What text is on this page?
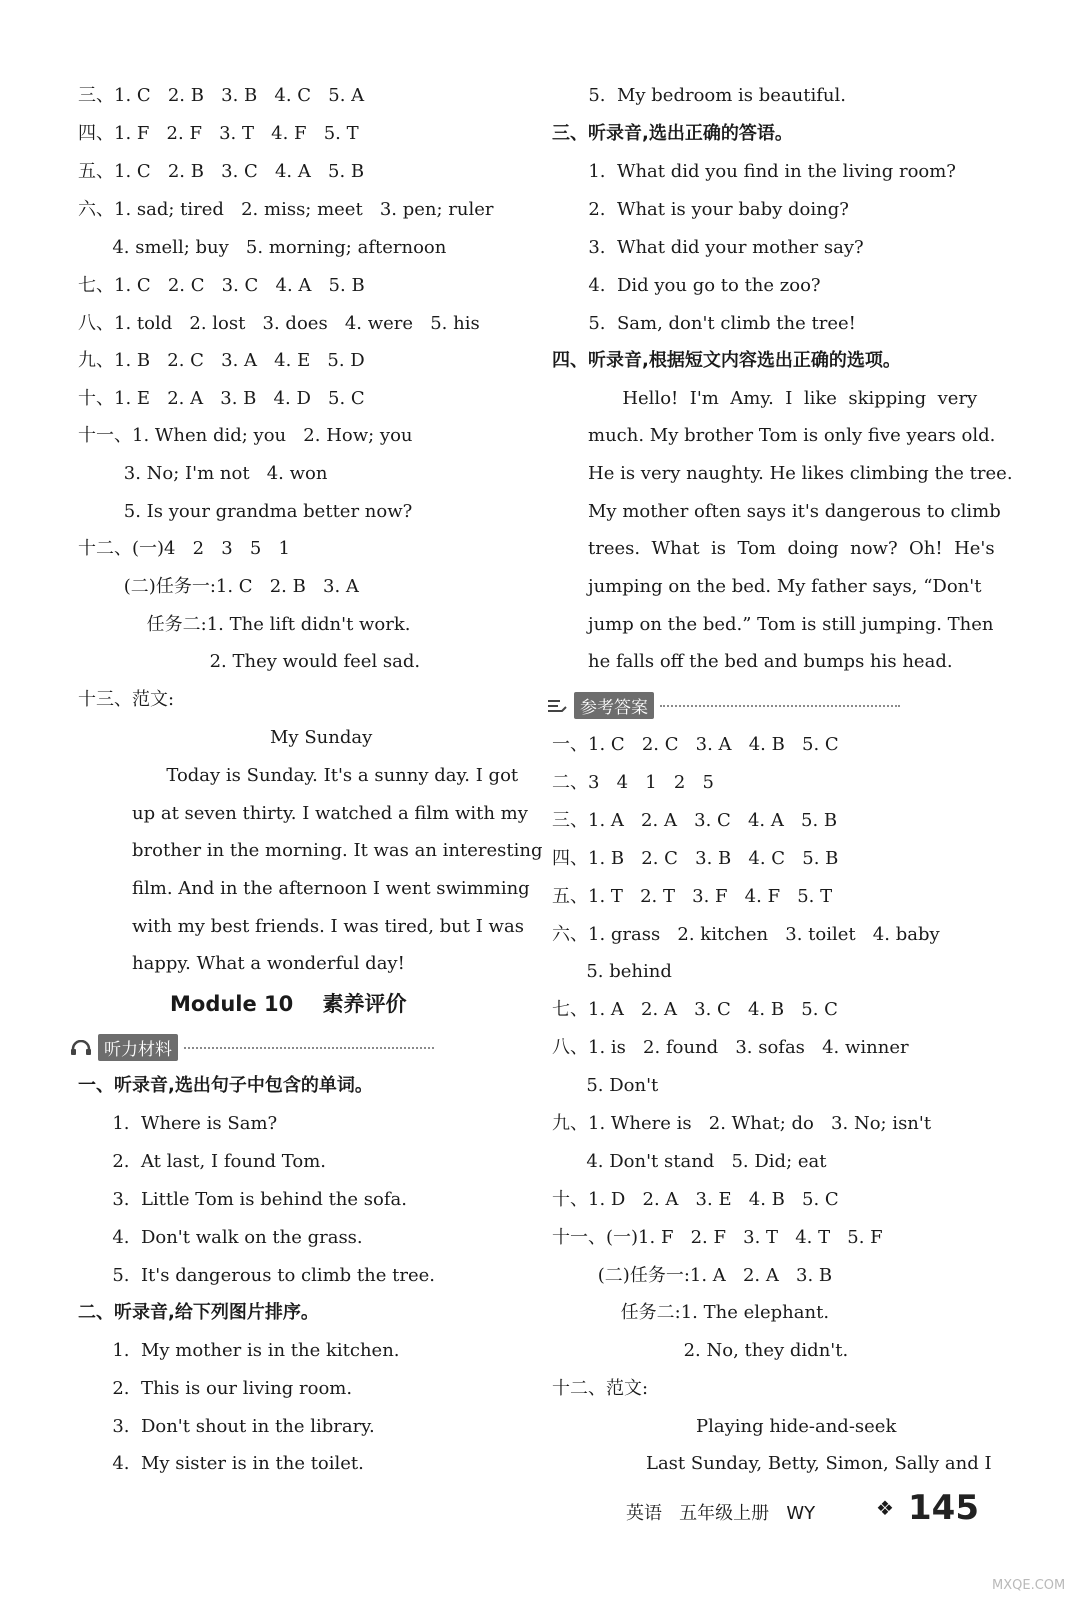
三、1. C   2. B   3. B   4. C   5. A
四、1. F   2. F   3. T   4. F   5. T
五、1. C   2. B   3. C   4. A   5. B
六、1. sad; tired   2. miss; meet   3. pen; ruler
4. smell; buy   5. morning; afternoon
七、1. C   2. C   3. C   4. A   5. B
八、1. told   2. lost   3. does   4. were   5. his
九、1. B   2. C   3. A   4. E   5. D
十、1. E   2. A   3. B   4. D   5. C
十一、1. When did; you   2. How; you
3. No; I'm not   4. won
5. Is your grandma better now?
十二、(一)4   2   3   5   1
(二)任务一:1. C   2. B   3. A
任务二:1. The lift didn't work.
2. They would feel sad.
十三、范文:
My Sunday
Today is Sunday. It's a sunny day. I got
up at seven thirty. I watched a film with my
brother in the morning. It was an interesting
film. And in the afternoon I went swimming
with my best friends. I was tired, but I was
happy. What a wonderful day!
Module 10    素养评价
听力材料
一、听录音,选出句子中包含的单词。
1.  Where is Sam?
2.  At last, I found Tom.
3.  Little Tom is behind the sofa.
4.  Don't walk on the grass.
5.  It's dangerous to climb the tree.
二、听录音,给下列图片排序。
1.  My mother is in the kitchen.
2.  This is our living room.
3.  Don't shout in the library.
4.  My sister is in the toilet.
5.  My bedroom is beautiful.
三、听录音,选出正确的答语。
1.  What did you find in the living room?
2.  What is your baby doing?
3.  What did your mother say?
4.  Did you go to the zoo?
5.  Sam, don't climb the tree!
四、听录音,根据短文内容选出正确的选项。
Hello!  I'm  Amy.  I  like  skipping  very
much. My brother Tom is only five years old.
He is very naughty. He likes climbing the tree.
My mother often says it's dangerous to climb
trees.  What  is  Tom  doing  now?  Oh!  He's
jumping on the bed. My father says, “Don't
jump on the bed.” Tom is still jumping. Then
he falls off the bed and bumps his head.
参考答案
一、1. C   2. C   3. A   4. B   5. C
二、3   4   1   2   5
三、1. A   2. A   3. C   4. A   5. B
四、1. B   2. C   3. B   4. C   5. B
五、1. T   2. T   3. F   4. F   5. T
六、1. grass   2. kitchen   3. toilet   4. baby
5. behind
七、1. A   2. A   3. C   4. B   5. C
八、1. is   2. found   3. sofas   4. winner
5. Don't
九、1. Where is   2. What; do   3. No; isn't
4. Don't stand   5. Did; eat
十、1. D   2. A   3. E   4. B   5. C
十一、(一)1. F   2. F   3. T   4. T   5. F
(二)任务一:1. A   2. A   3. B
任务二:1. The elephant.
2. No, they didn't.
十二、范文:
Playing hide-and-seek
Last Sunday, Betty, Simon, Sally and I
英语   五年级上册   WY	❖ 145
MXQE.COM
